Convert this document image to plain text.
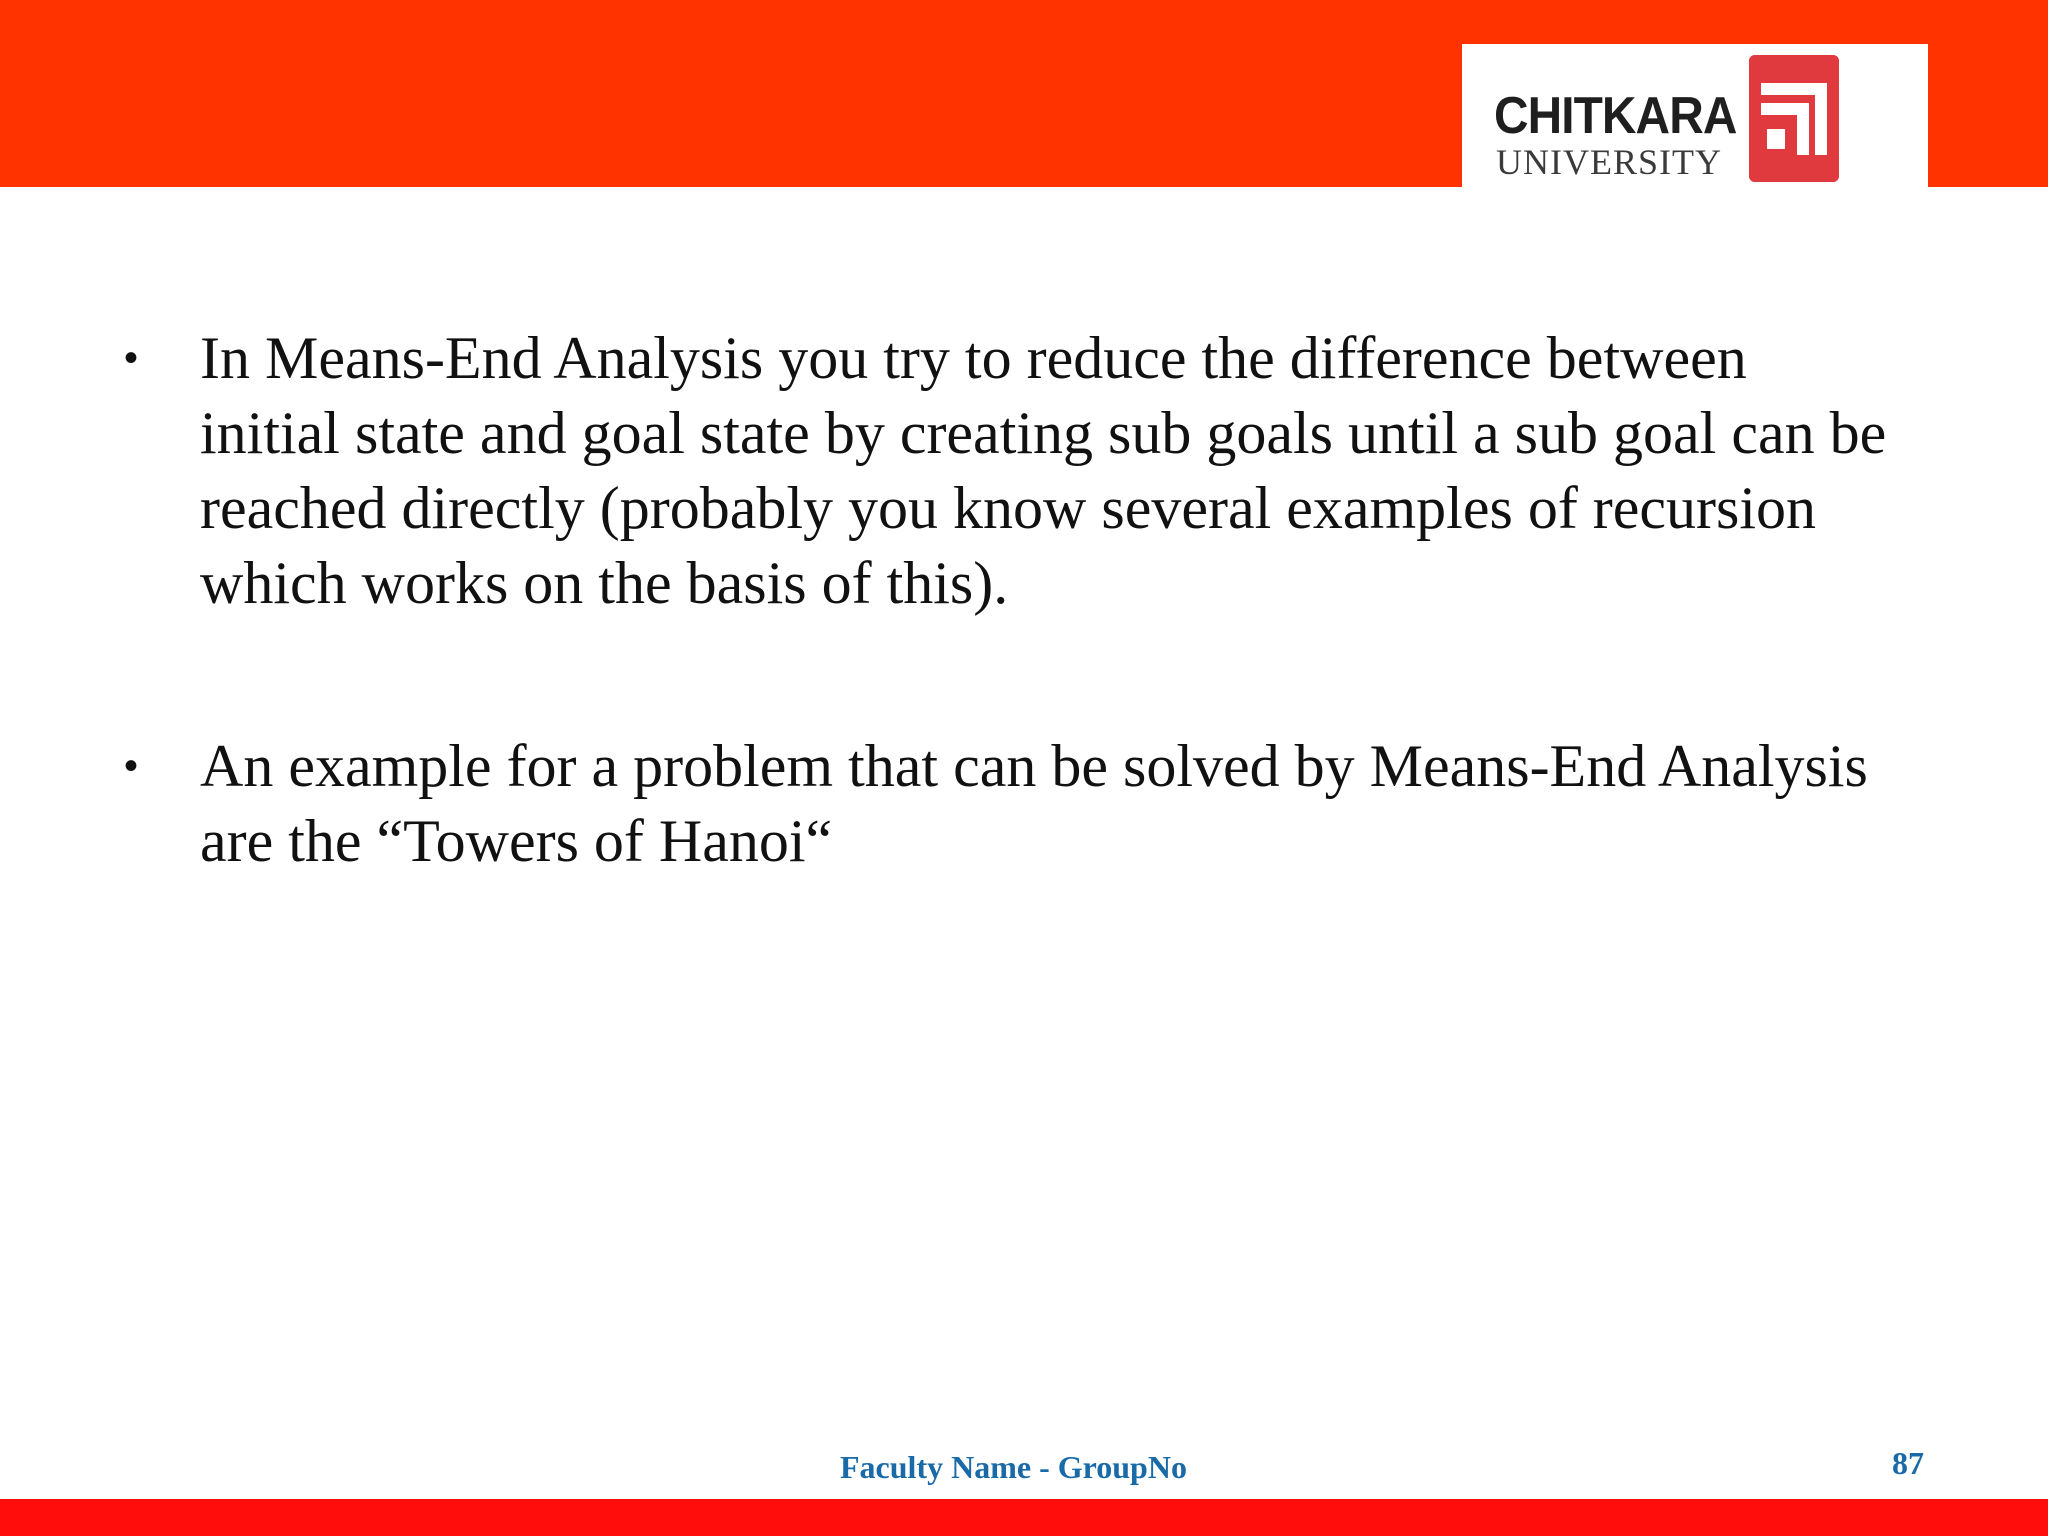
CHITKARA
UNIVERSITY
• In Means-End Analysis you try to reduce the difference between initial state and goal state by creating sub goals until a sub goal can be reached directly (probably you know several examples of recursion which works on the basis of this).
• An example for a problem that can be solved by Means-End Analysis are the “Towers of Hanoi“
Faculty Name - GroupNo	87
